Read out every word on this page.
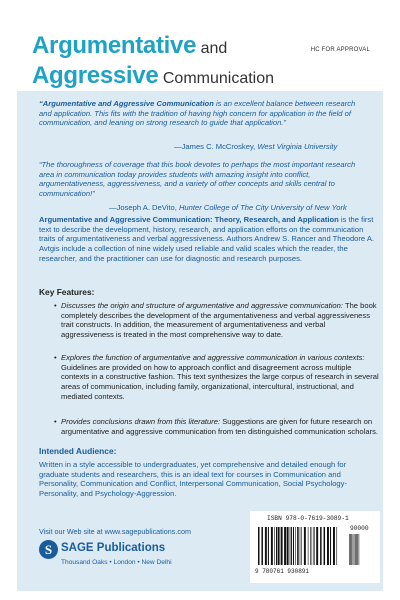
Argumentative and
Aggressive Communication
HC FOR APPROVAL
“Argumentative and Aggressive Communication is an excellent balance between research and application. This fits with the tradition of having high concern for application in the field of communication, and leaning on strong research to guide that application.”
—James C. McCroskey, West Virginia University
“The thoroughness of coverage that this book devotes to perhaps the most important research area in communication today provides students with amazing insight into conflict, argumentativeness, aggressiveness, and a variety of other concepts and skills central to communication!”
—Joseph A. DeVito, Hunter College of The City University of New York
Argumentative and Aggressive Communication: Theory, Research, and Application is the first text to describe the development, history, research, and application efforts on the communication traits of argumentativeness and verbal aggressiveness. Authors Andrew S. Rancer and Theodore A. Avtgis include a collection of nine widely used reliable and valid scales which the reader, the researcher, and the practitioner can use for diagnostic and research purposes.
Key Features:
• Discusses the origin and structure of argumentative and aggressive communication: The book completely describes the development of the argumentativeness and verbal aggressiveness trait constructs. In addition, the measurement of argumentativeness and verbal aggressiveness is treated in the most comprehensive way to date.
• Explores the function of argumentative and aggressive communication in various contexts: Guidelines are provided on how to approach conflict and disagreement across multiple contexts in a constructive fashion. This text synthesizes the large corpus of research in several areas of communication, including family, organizational, intercultural, instructional, and mediated contexts.
• Provides conclusions drawn from this literature: Suggestions are given for future research on argumentative and aggressive communication from ten distinguished communication scholars.
Intended Audience:
Written in a style accessible to undergraduates, yet comprehensive and detailed enough for graduate students and researchers, this is an ideal text for courses in Communication and Personality, Communication and Conflict, Interpersonal Communication, Social Psychology-Personality, and Psychology-Aggression.
Visit our Web site at www.sagepublications.com
S SAGE Publications
Thousand Oaks • London • New Delhi
ISBN 978-0-7619-3089-1
90000
9 780761 930891
